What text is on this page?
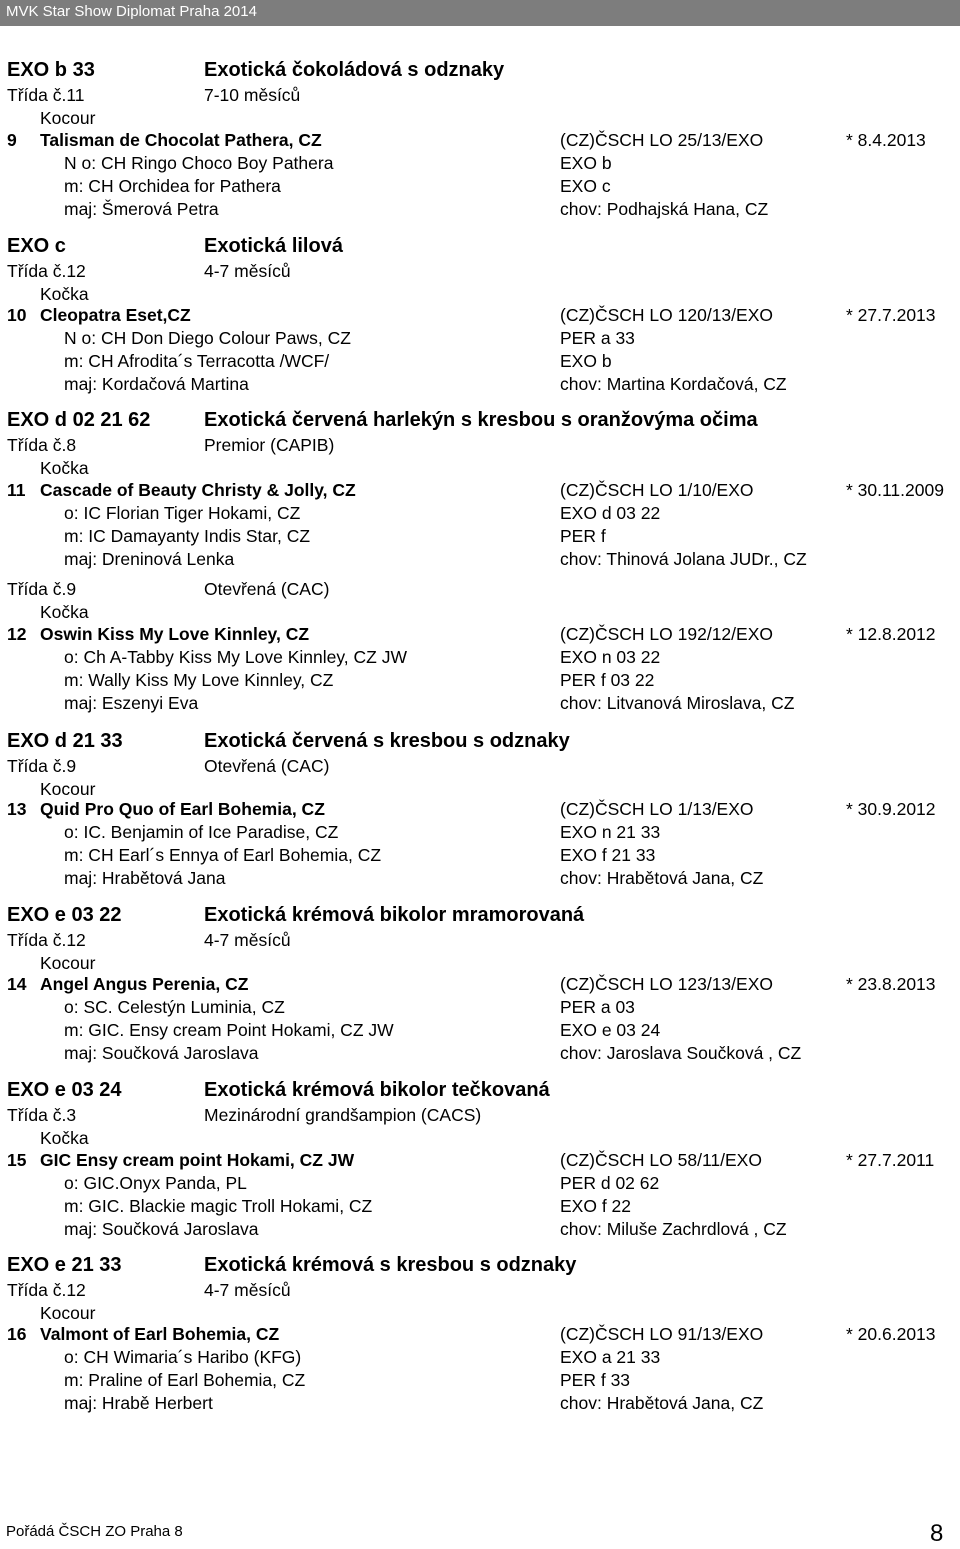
MVK Star Show Diplomat Praha 2014
EXO b 33	Exotická čokoládová s odznaky
Třída č.11	7-10 měsíců
Kocour
9 Talisman de Chocolat Pathera, CZ	(CZ)ČSCH LO 25/13/EXO	* 8.4.2013
N o: CH Ringo Choco Boy Pathera	EXO b
m: CH Orchidea for Pathera	EXO c
maj: Šmerová Petra	chov: Podhajská Hana, CZ
EXO c	Exotická lilová
Třída č.12	4-7 měsíců
Kočka
10 Cleopatra Eset,CZ	(CZ)ČSCH LO 120/13/EXO	* 27.7.2013
N o: CH Don Diego Colour Paws, CZ	PER a 33
m: CH Afrodita´s Terracotta /WCF/	EXO b
maj: Kordačová Martina	chov: Martina Kordačová, CZ
EXO d 02 21 62	Exotická červená harlekýn s kresbou s oranžovýma očima
Třída č.8	Premior (CAPIB)
Kočka
11 Cascade of Beauty Christy & Jolly, CZ	(CZ)ČSCH LO 1/10/EXO	* 30.11.2009
o: IC Florian Tiger Hokami, CZ	EXO d 03 22
m: IC Damayanty Indis Star, CZ	PER f
maj: Dreninová Lenka	chov: Thinová Jolana JUDr., CZ
Třída č.9	Otevřená (CAC)
Kočka
12 Oswin Kiss My Love Kinnley, CZ	(CZ)ČSCH LO 192/12/EXO	* 12.8.2012
o: Ch A-Tabby Kiss My Love Kinnley, CZ JW	EXO n 03 22
m: Wally Kiss My Love Kinnley, CZ	PER f 03 22
maj: Eszenyi Eva	chov: Litvanová Miroslava, CZ
EXO d 21 33	Exotická červená s kresbou s odznaky
Třída č.9	Otevřená (CAC)
Kocour
13 Quid Pro Quo of Earl Bohemia, CZ	(CZ)ČSCH LO 1/13/EXO	* 30.9.2012
o: IC. Benjamin of Ice Paradise, CZ	EXO n 21 33
m: CH Earl´s Ennya of Earl Bohemia, CZ	EXO f 21 33
maj: Hrabětová Jana	chov: Hrabětová Jana, CZ
EXO e 03 22	Exotická krémová bikolor mramorovaná
Třída č.12	4-7 měsíců
Kocour
14 Angel Angus Perenia, CZ	(CZ)ČSCH LO 123/13/EXO	* 23.8.2013
o: SC. Celestýn Luminia, CZ	PER a 03
m: GIC. Ensy cream Point Hokami, CZ JW	EXO e 03 24
maj: Součková Jaroslava	chov: Jaroslava Součková , CZ
EXO e 03 24	Exotická krémová bikolor tečkovaná
Třída č.3	Mezinárodní grandšampion (CACS)
Kočka
15 GIC Ensy cream point Hokami, CZ JW	(CZ)ČSCH LO 58/11/EXO	* 27.7.2011
o: GIC.Onyx Panda, PL	PER d 02 62
m: GIC. Blackie magic Troll Hokami, CZ	EXO f 22
maj: Součková Jaroslava	chov: Miluše Zachrdlová , CZ
EXO e 21 33	Exotická krémová s kresbou s odznaky
Třída č.12	4-7 měsíců
Kocour
16 Valmont of Earl Bohemia, CZ	(CZ)ČSCH LO 91/13/EXO	* 20.6.2013
o: CH Wimaria´s Haribo (KFG)	EXO a 21 33
m: Praline of Earl Bohemia, CZ	PER f 33
maj: Hrabě Herbert	chov: Hrabětová Jana, CZ
Pořádá ČSCH ZO Praha 8	8
